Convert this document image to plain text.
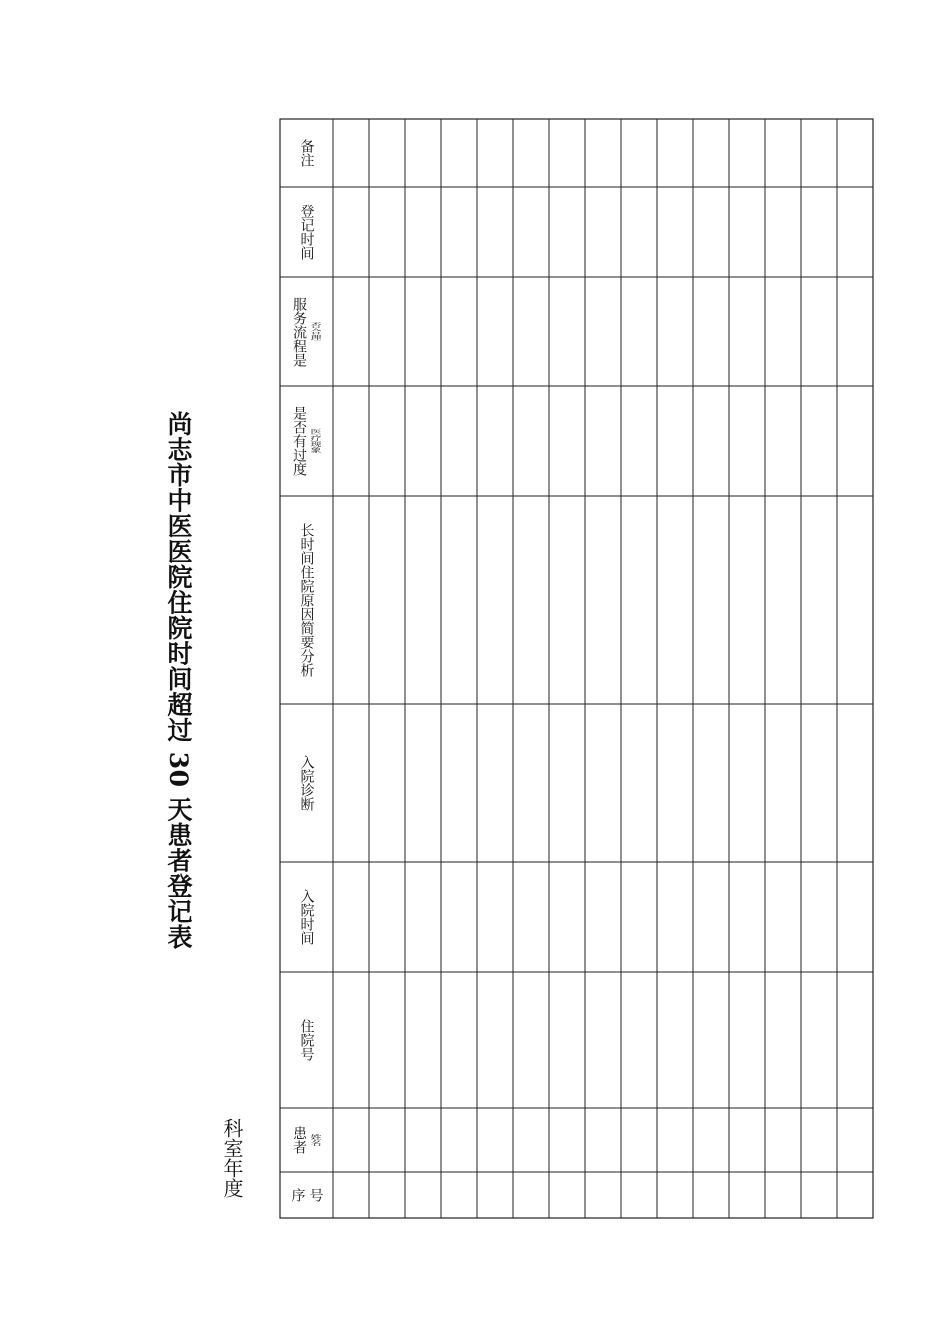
尚志市中医医院住院时间超过 30 天患者登记表
科室年度	序 号
患者 姓名
住院号
入院时间
入院诊断
长时间住院原因简要分析
是否有过度 医疗现象
服务流程是 否合理
登记时间
备注
